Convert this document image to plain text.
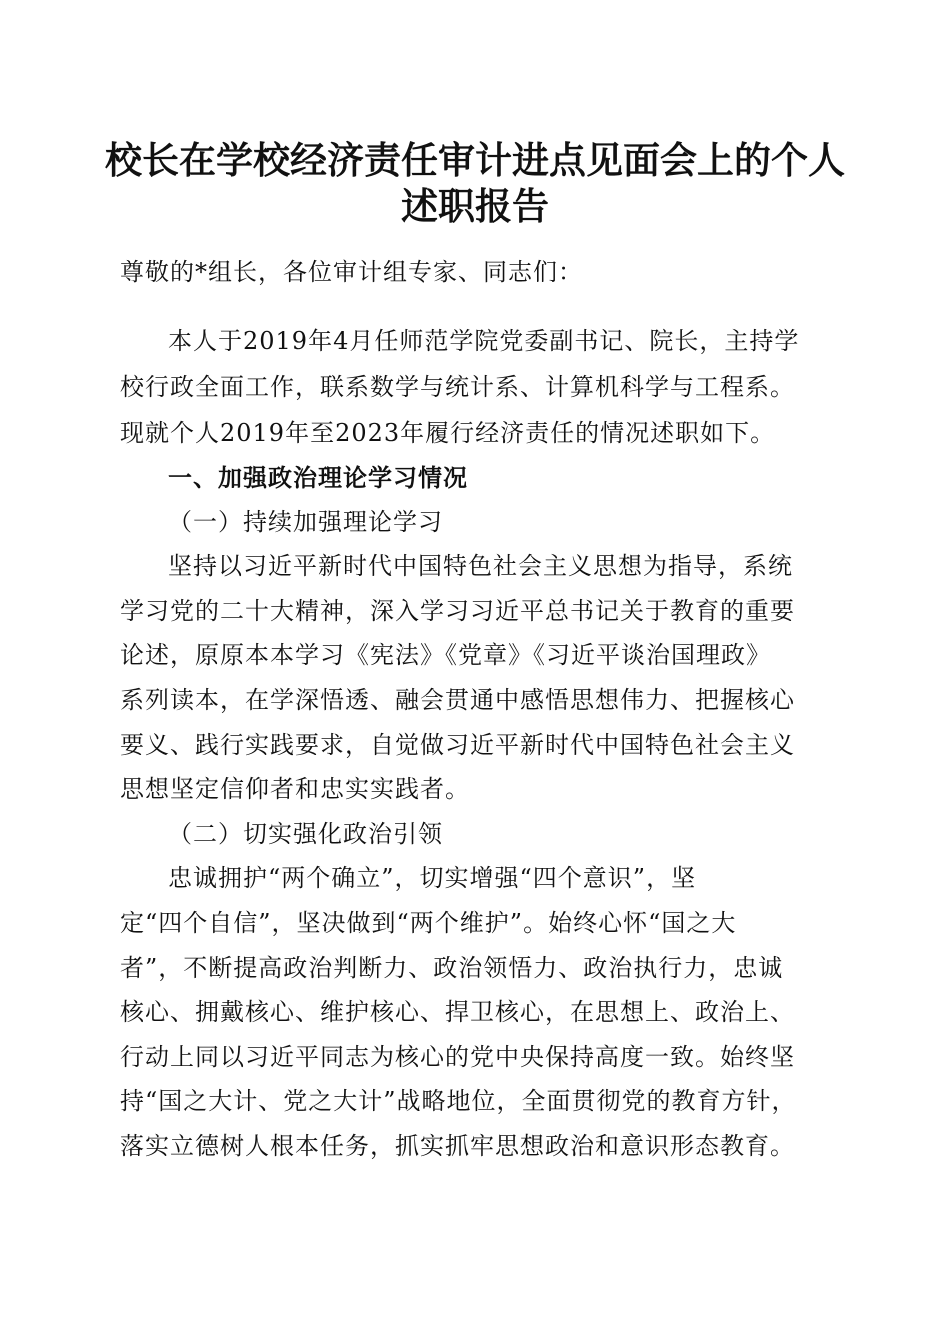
校长在学校经济责任审计进点见面会上的个人
述职报告
尊敬的*组长，各位审计组专家、同志们：
本人于2019年4月任师范学院党委副书记、院长，主持学
校行政全面工作，联系数学与统计系、计算机科学与工程系。
现就个人2019年至2023年履行经济责任的情况述职如下。
一、加强政治理论学习情况
（一）持续加强理论学习
坚持以习近平新时代中国特色社会主义思想为指导，系统
学习党的二十大精神，深入学习习近平总书记关于教育的重要
论述，原原本本学习《宪法》《党章》《习近平谈治国理政》
系列读本，在学深悟透、融会贯通中感悟思想伟力、把握核心
要义、践行实践要求，自觉做习近平新时代中国特色社会主义
思想坚定信仰者和忠实实践者。
（二）切实强化政治引领
忠诚拥护“两个确立”，切实增强“四个意识”，坚
定“四个自信”，坚决做到“两个维护”。始终心怀“国之大
者”，不断提高政治判断力、政治领悟力、政治执行力，忠诚
核心、拥戴核心、维护核心、捍卫核心，在思想上、政治上、
行动上同以习近平同志为核心的党中央保持高度一致。始终坚
持“国之大计、党之大计”战略地位，全面贯彻党的教育方针，
落实立德树人根本任务，抓实抓牢思想政治和意识形态教育。
